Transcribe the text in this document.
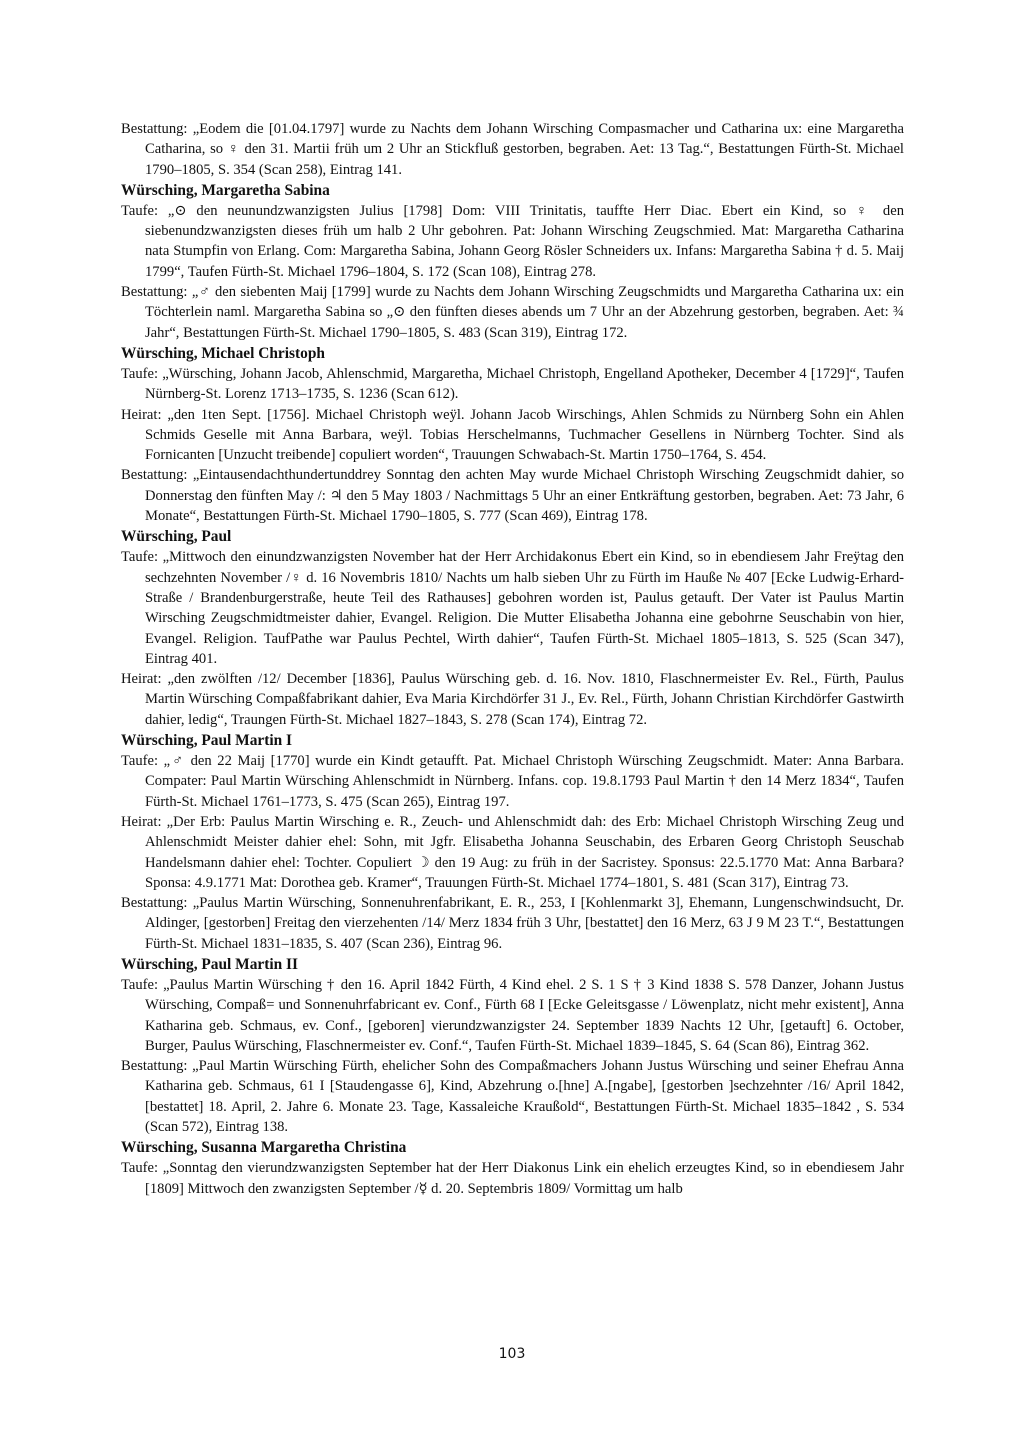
Bestattung: „Eodem die [01.04.1797] wurde zu Nachts dem Johann Wirsching Compasmacher und Catharina ux: eine Margaretha Catharina, so ♀ den 31. Martii früh um 2 Uhr an Stickfluß gestorben, begraben. Aet: 13 Tag.“, Bestattungen Fürth-St. Michael 1790–1805, S. 354 (Scan 258), Eintrag 141.

Würsching, Margaretha Sabina

Taufe: „⊙ den neunundzwanzigsten Julius [1798] Dom: VIII Trinitatis, tauffte Herr Diac. Ebert ein Kind, so ♀ den siebenundzwanzigsten dieses früh um halb 2 Uhr gebohren. Pat: Johann Wirsching Zeugschmied. Mat: Margaretha Catharina nata Stumpfin von Erlang. Com: Margaretha Sabina, Johann Georg Rösler Schneiders ux. Infans: Margaretha Sabina † d. 5. Maij 1799“, Taufen Fürth-St. Michael 1796–1804, S. 172 (Scan 108), Eintrag 278.

Bestattung: „♂ den siebenten Maij [1799] wurde zu Nachts dem Johann Wirsching Zeugschmidts und Margaretha Catharina ux: ein Töchterlein naml. Margaretha Sabina so „⊙ den fünften dieses abends um 7 Uhr an der Abzehrung gestorben, begraben. Aet: ¾ Jahr“, Bestattungen Fürth-St. Michael 1790–1805, S. 483 (Scan 319), Eintrag 172.

Würsching, Michael Christoph

Taufe: „Würsching, Johann Jacob, Ahlenschmid, Margaretha, Michael Christoph, Engelland Apotheker, December 4 [1729]“, Taufen Nürnberg-St. Lorenz 1713–1735, S. 1236 (Scan 612).

Heirat: „den 1ten Sept. [1756]. Michael Christoph weÿl. Johann Jacob Wirschings, Ahlen Schmids zu Nürnberg Sohn ein Ahlen Schmids Geselle mit Anna Barbara, weÿl. Tobias Herschelmanns, Tuchmacher Gesellens in Nürnberg Tochter. Sind als Fornicanten [Unzucht treibende] copuliert worden“, Trauungen Schwabach-St. Martin 1750–1764, S. 454.

Bestattung: „Eintausendachthundertunddrey Sonntag den achten May wurde Michael Christoph Wirsching Zeugschmidt dahier, so Donnerstag den fünften May /: ♃ den 5 May 1803 / Nachmittags 5 Uhr an einer Entkräftung gestorben, begraben. Aet: 73 Jahr, 6 Monate“, Bestattungen Fürth-St. Michael 1790–1805, S. 777 (Scan 469), Eintrag 178.

Würsching, Paul

Taufe: „Mittwoch den einundzwanzigsten November hat der Herr Archidakonus Ebert ein Kind, so in ebendiesem Jahr Freÿtag den sechzehnten November /♀ d. 16 Novembris 1810/ Nachts um halb sieben Uhr zu Fürth im Hauße № 407 [Ecke Ludwig-Erhard-Straße / Brandenburgerstraße, heute Teil des Rathauses] gebohren worden ist, Paulus getauft. Der Vater ist Paulus Martin Wirsching Zeugschmidtmeister dahier, Evangel. Religion. Die Mutter Elisabetha Johanna eine gebohrne Seuschabin von hier, Evangel. Religion. TaufPathe war Paulus Pechtel, Wirth dahier“, Taufen Fürth-St. Michael 1805–1813, S. 525 (Scan 347), Eintrag 401.

Heirat: „den zwölften /12/ December [1836], Paulus Würsching geb. d. 16. Nov. 1810, Flaschnermeister Ev. Rel., Fürth, Paulus Martin Würsching Compaßfabrikant dahier, Eva Maria Kirchdörfer 31 J., Ev. Rel., Fürth, Johann Christian Kirchdörfer Gastwirth dahier, ledig“, Traungen Fürth-St. Michael 1827–1843, S. 278 (Scan 174), Eintrag 72.

Würsching, Paul Martin I

Taufe: „♂ den 22 Maij [1770] wurde ein Kindt getaufft. Pat. Michael Christoph Würsching Zeugschmidt. Mater: Anna Barbara. Compater: Paul Martin Würsching Ahlenschmidt in Nürnberg. Infans. cop. 19.8.1793 Paul Martin † den 14 Merz 1834“, Taufen Fürth-St. Michael 1761–1773, S. 475 (Scan 265), Eintrag 197.

Heirat: „Der Erb: Paulus Martin Wirsching e. R., Zeuch- und Ahlenschmidt dah: des Erb: Michael Christoph Wirsching Zeug und Ahlenschmidt Meister dahier ehel: Sohn, mit Jgfr. Elisabetha Johanna Seuschabin, des Erbaren Georg Christoph Seuschab Handelsmann dahier ehel: Tochter. Copuliert ☽ den 19 Aug: zu früh in der Sacristey. Sponsus: 22.5.1770 Mat: Anna Barbara? Sponsa: 4.9.1771 Mat: Dorothea geb. Kramer“, Trauungen Fürth-St. Michael 1774–1801, S. 481 (Scan 317), Eintrag 73.

Bestattung: „Paulus Martin Würsching, Sonnenuhrenfabrikant, E. R., 253, I [Kohlenmarkt 3], Ehemann, Lungenschwindsucht, Dr. Aldinger, [gestorben] Freitag den vierzehenten /14/ Merz 1834 früh 3 Uhr, [bestattet] den 16 Merz, 63 J 9 M 23 T.“, Bestattungen Fürth-St. Michael 1831–1835, S. 407 (Scan 236), Eintrag 96.

Würsching, Paul Martin II

Taufe: „Paulus Martin Würsching † den 16. April 1842 Fürth, 4 Kind ehel. 2 S. 1 S † 3 Kind 1838 S. 578 Danzer, Johann Justus Würsching, Compaß= und Sonnenuhrfabricant ev. Conf., Fürth 68 I [Ecke Geleitsgasse / Löwenplatz, nicht mehr existent], Anna Katharina geb. Schmaus, ev. Conf., [geboren] vierundzwanzigster 24. September 1839 Nachts 12 Uhr, [getauft] 6. October, Burger, Paulus Würsching, Flaschnermeister ev. Conf.“, Taufen Fürth-St. Michael 1839–1845, S. 64 (Scan 86), Eintrag 362.

Bestattung: „Paul Martin Würsching Fürth, ehelicher Sohn des Compaßmachers Johann Justus Würsching und seiner Ehefrau Anna Katharina geb. Schmaus, 61 I [Staudengasse 6], Kind, Abzehrung o.[hne] A.[ngabe], [gestorben ]sechzehnter /16/ April 1842, [bestattet] 18. April, 2. Jahre 6. Monate 23. Tage, Kassaleiche Kraußold“, Bestattungen Fürth-St. Michael 1835–1842 , S. 534 (Scan 572), Eintrag 138.

Würsching, Susanna Margaretha Christina

Taufe: „Sonntag den vierundzwanzigsten September hat der Herr Diakonus Link ein ehelich erzeugtes Kind, so in ebendiesem Jahr [1809] Mittwoch den zwanzigsten September /☿ d. 20. Septembris 1809/ Vormittag um halb

103
